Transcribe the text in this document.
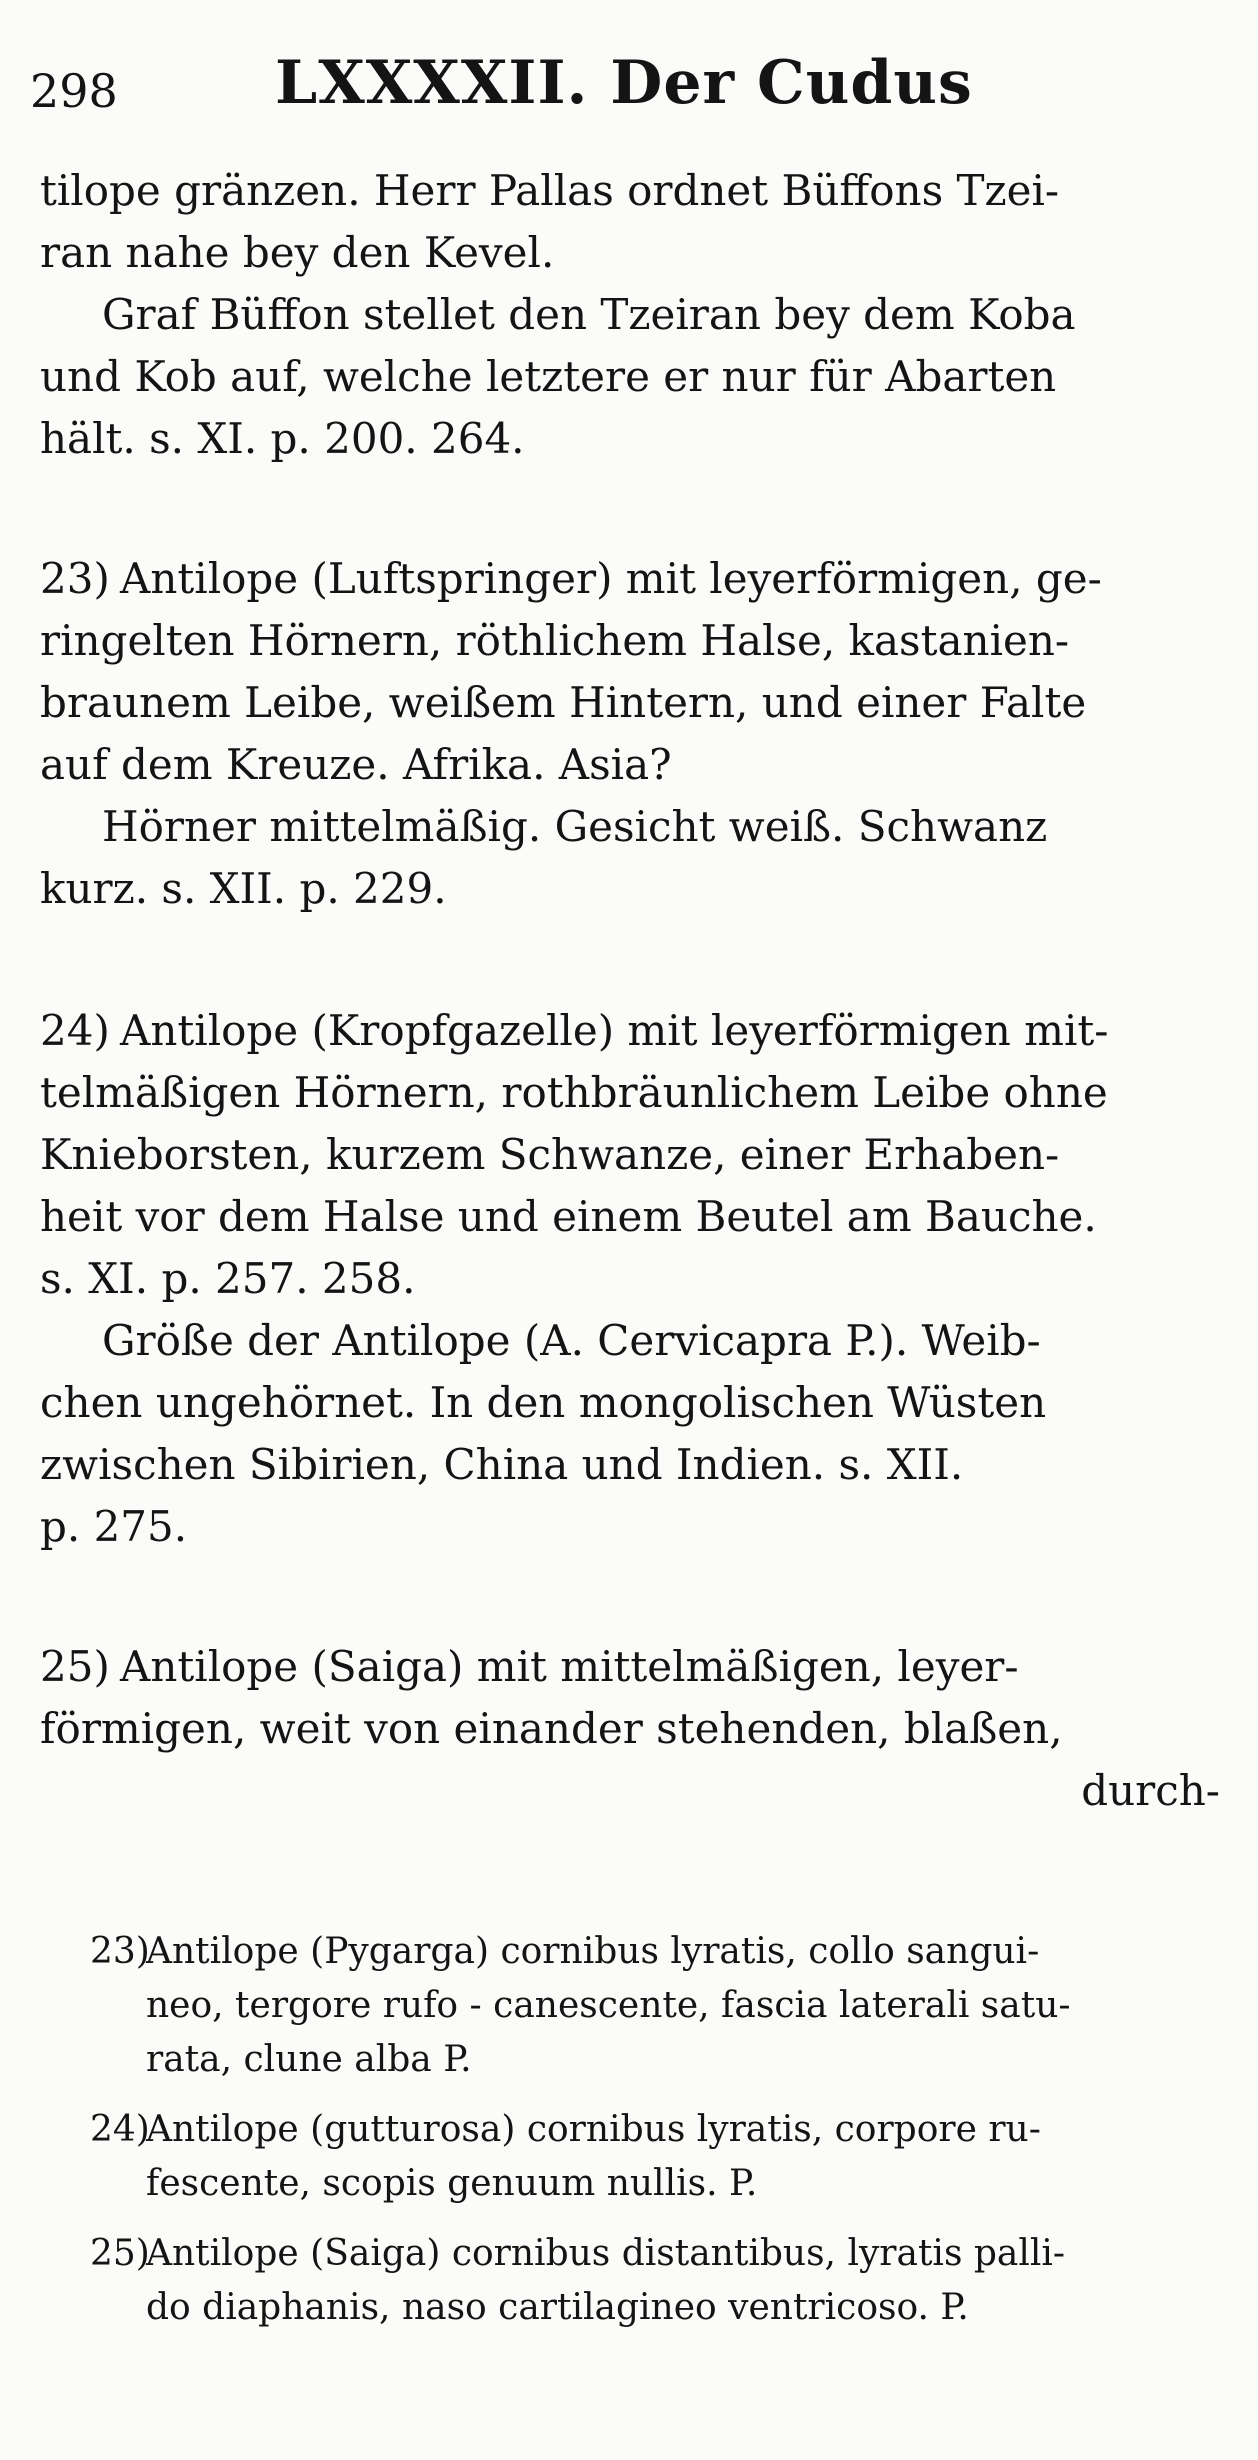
298	LXXXXII. Der Cudus
tilope gränzen. Herr Pallas ordnet Büffons Tzei-
ran nahe bey den Kevel.
Graf Büffon stellet den Tzeiran bey dem Koba
und Kob auf, welche letztere er nur für Abarten
hält. s. XI. p. 200. 264.
23) Antilope (Luftspringer) mit leyerförmigen, ge-
ringelten Hörnern, röthlichem Halse, kastanien-
braunem Leibe, weißem Hintern, und einer Falte
auf dem Kreuze. Afrika. Asia?
Hörner mittelmäßig. Gesicht weiß. Schwanz
kurz. s. XII. p. 229.
24) Antilope (Kropfgazelle) mit leyerförmigen mit-
telmäßigen Hörnern, rothbräunlichem Leibe ohne
Knieborsten, kurzem Schwanze, einer Erhaben-
heit vor dem Halse und einem Beutel am Bauche.
s. XI. p. 257. 258.
Größe der Antilope (A. Cervicapra P.). Weib-
chen ungehörnet. In den mongolischen Wüsten
zwischen Sibirien, China und Indien. s. XII.
p. 275.
25) Antilope (Saiga) mit mittelmäßigen, leyer-
förmigen, weit von einander stehenden, blaßen,
durch-
23)Antilope (Pygarga) cornibus lyratis, collo sangui-
neo, tergore rufo - canescente, fascia laterali satu-
rata, clune alba P.
24)Antilope (gutturosa) cornibus lyratis, corpore ru-
fescente, scopis genuum nullis. P.
25)Antilope (Saiga) cornibus distantibus, lyratis palli-
do diaphanis, naso cartilagineo ventricoso. P.
